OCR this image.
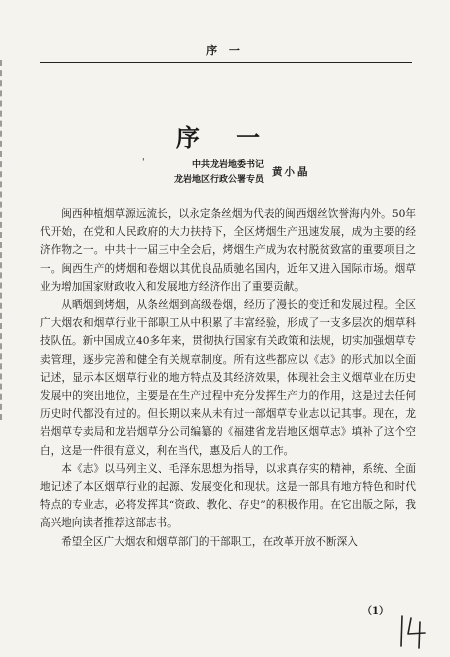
序 一
序 一
'	中共龙岩地委书记
龙岩地区行政公署专员
黄小晶

闽西种植烟草源远流长，以永定条丝烟为代表的闽西烟丝饮誉海内外。50年代开始，在党和人民政府的大力扶持下，全区烤烟生产迅速发展，成为主要的经济作物之一。中共十一届三中全会后，烤烟生产成为农村脱贫致富的重要项目之一。闽西生产的烤烟和卷烟以其优良品质驰名国内，近年又进入国际市场。烟草业为增加国家财政收入和发展地方经济作出了重要贡献。

从晒烟到烤烟，从条丝烟到高级卷烟，经历了漫长的变迁和发展过程。全区广大烟农和烟草行业干部职工从中积累了丰富经验，形成了一支多层次的烟草科技队伍。新中国成立40多年来，贯彻执行国家有关政策和法规，切实加强烟草专卖管理，逐步完善和健全有关规章制度。所有这些都应以《志》的形式加以全面记述，显示本区烟草行业的地方特点及其经济效果，体现社会主义烟草业在历史发展中的突出地位，主要是在生产过程中充分发挥生产力的作用，这是过去任何历史时代都没有过的。但长期以来从未有过一部烟草专业志以记其事。现在，龙岩烟草专卖局和龙岩烟草分公司编纂的《福建省龙岩地区烟草志》填补了这个空白，这是一件很有意义，利在当代，惠及后人的工作。

本《志》以马列主义、毛泽东思想为指导，以求真存实的精神，系统、全面地记述了本区烟草行业的起源、发展变化和现状。这是一部具有地方特色和时代特点的专业志，必将发挥其“资政、教化、存史”的积极作用。在它出版之际，我高兴地向读者推荐这部志书。

希望全区广大烟农和烟草部门的干部职工，在改革开放不断深入

（1）
